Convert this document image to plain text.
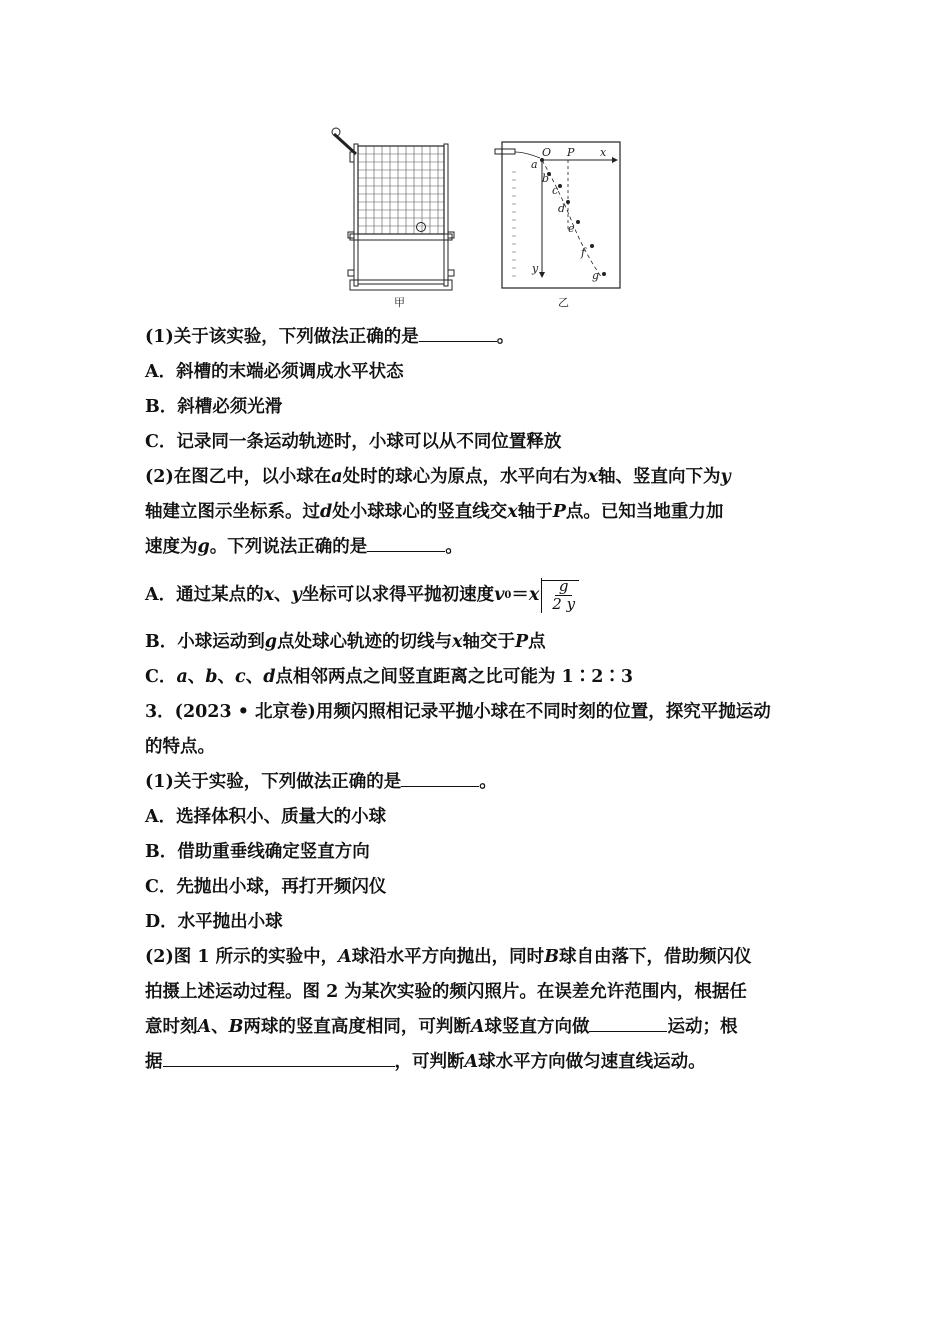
甲
O P x
a
b
c
d
e
f
g
y
乙
(1)关于该实验，下列做法正确的是	。
A．斜槽的末端必须调成水平状态
B．斜槽必须光滑
C．记录同一条运动轨迹时，小球可以从不同位置释放
(2)在图乙中，以小球在a处时的球心为原点，水平向右为x轴、竖直向下为y
轴建立图示坐标系。过d处小球球心的竖直线交x轴于P点。已知当地重力加
速度为g。下列说法正确的是	。
A．通过某点的 x 、 y 坐标可以求得平抛初速度 v 0 ＝ x $\frac{g}{2 y}$
B．小球运动到g点处球心轨迹的切线与x轴交于P点
C．a、b、c、d点相邻两点之间竖直距离之比可能为 1∶2∶3
3．(2023 • 北京卷)用频闪照相记录平抛小球在不同时刻的位置，探究平抛运动
的特点。
(1)关于实验，下列做法正确的是	。
A．选择体积小、质量大的小球
B．借助重垂线确定竖直方向
C．先抛出小球，再打开频闪仪
D．水平抛出小球
(2)图 1 所示的实验中，A球沿水平方向抛出，同时B球自由落下，借助频闪仪
拍摄上述运动过程。图 2 为某次实验的频闪照片。在误差允许范围内，根据任
意时刻A、B两球的竖直高度相同，可判断A球竖直方向做	运动；根
据	，可判断A球水平方向做匀速直线运动。
